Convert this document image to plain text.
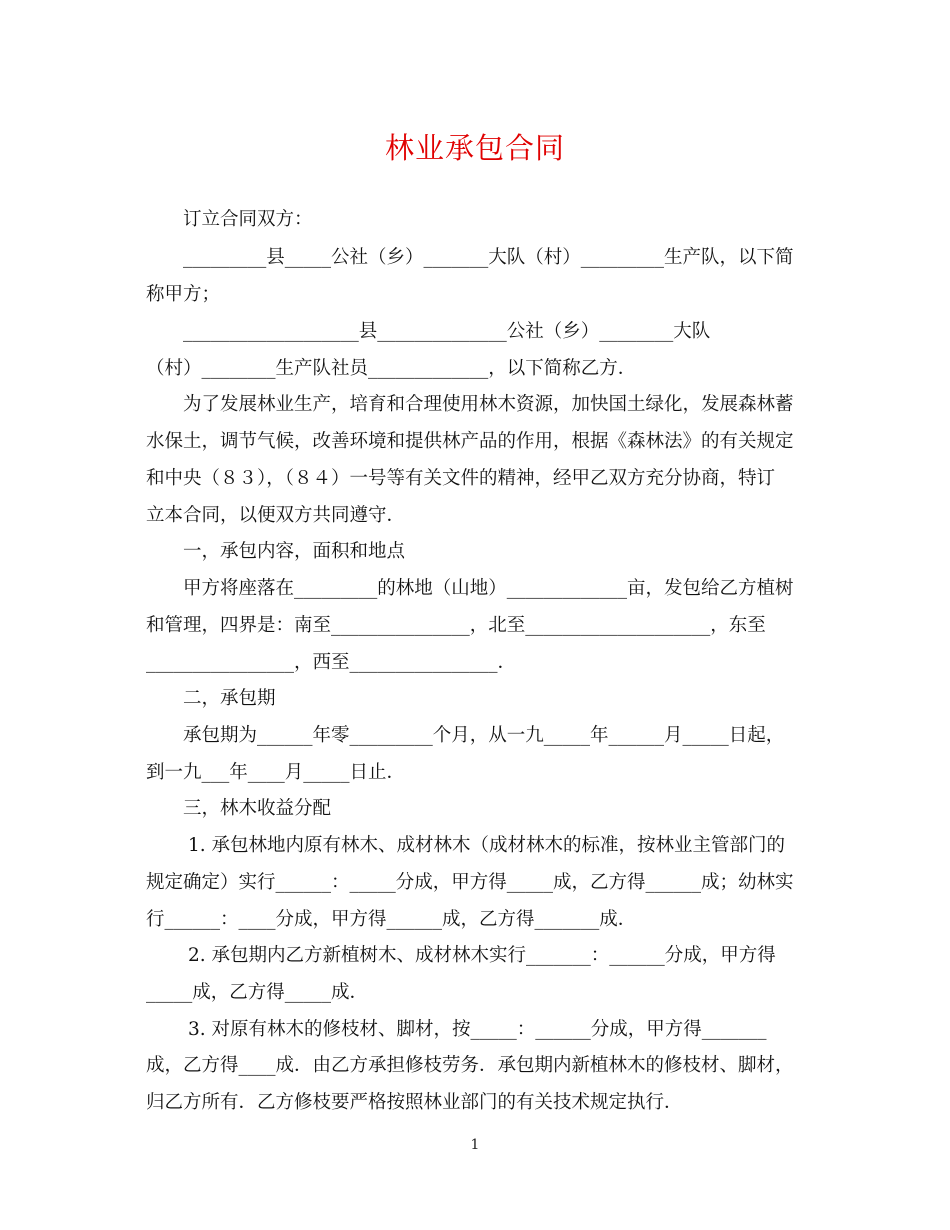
林业承包合同
订立合同双方：
_________县_____公社（乡）_______大队（村）_________生产队，以下简
称甲方；
___________________县______________公社（乡）________大队
（村）________生产队社员_____________，以下简称乙方．
为了发展林业生产，培育和合理使用林木资源，加快国土绿化，发展森林蓄
水保土，调节气候，改善环境和提供林产品的作用，根据《森林法》的有关规定
和中央（８３），（８４）一号等有关文件的精神，经甲乙双方充分协商，特订
立本合同，以便双方共同遵守．
一，承包内容，面积和地点
甲方将座落在_________的林地（山地）_____________亩，发包给乙方植树
和管理，四界是：南至_______________，北至____________________，东至
________________，西至________________．
二，承包期
承包期为______年零_________个月，从一九_____年______月_____日起，
到一九___年____月_____日止．
三，林木收益分配
1. 承包林地内原有林木、成材林木（成材林木的标准，按林业主管部门的
规定确定）实行______：_____分成，甲方得_____成，乙方得______成；幼林实
行______：____分成，甲方得______成，乙方得_______成．
2. 承包期内乙方新植树木、成材林木实行_______：______分成，甲方得
_____成，乙方得_____成．
3. 对原有林木的修枝材、脚材，按_____：______分成，甲方得_______
成，乙方得____成．由乙方承担修枝劳务．承包期内新植林木的修枝材、脚材，
归乙方所有．乙方修枝要严格按照林业部门的有关技术规定执行．
1
